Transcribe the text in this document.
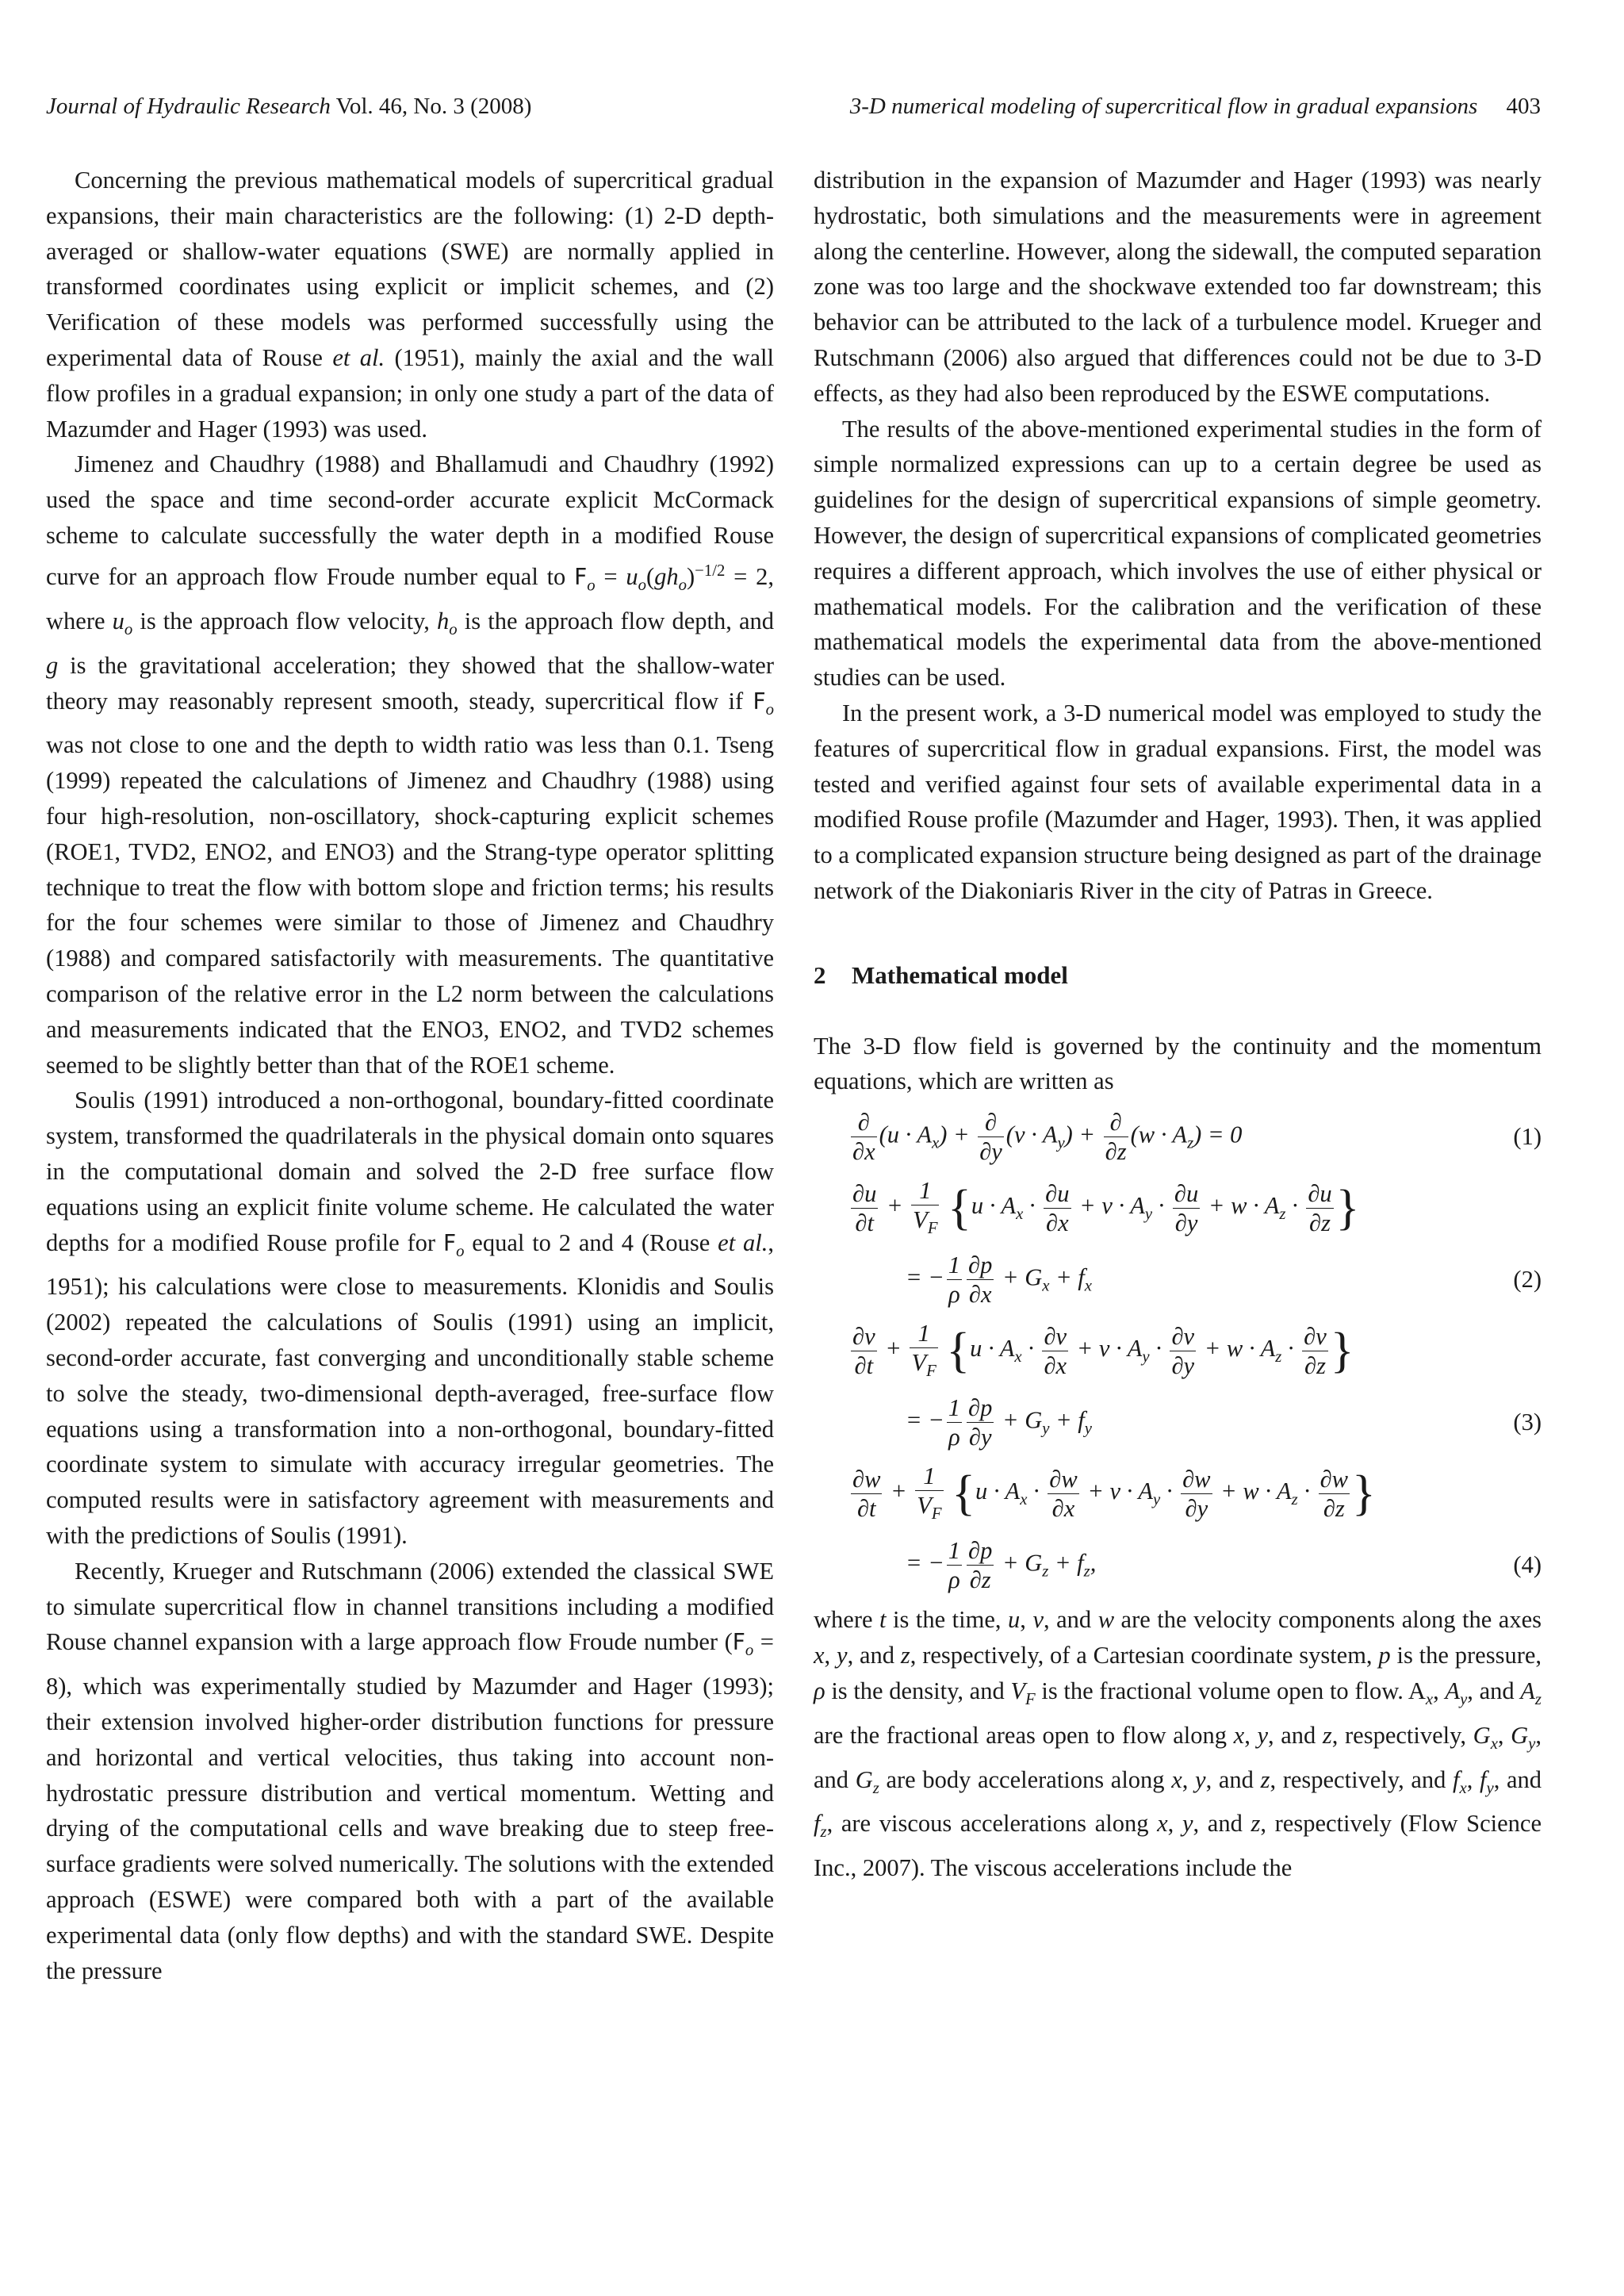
Journal of Hydraulic Research Vol. 46, No. 3 (2008)	3-D numerical modeling of supercritical flow in gradual expansions 403

Concerning the previous mathematical models of supercritical gradual expansions, their main characteristics are the following: (1) 2-D depth-averaged or shallow-water equations (SWE) are normally applied in transformed coordinates using explicit or implicit schemes, and (2) Verification of these models was performed successfully using the experimental data of Rouse et al. (1951), mainly the axial and the wall flow profiles in a gradual expansion; in only one study a part of the data of Mazumder and Hager (1993) was used.

Jimenez and Chaudhry (1988) and Bhallamudi and Chaudhry (1992) used the space and time second-order accurate explicit McCormack scheme to calculate successfully the water depth in a modified Rouse curve for an approach flow Froude number equal to $F_o = u_o(gh_o)^{-1/2} = 2$, where $u_o$ is the approach flow velocity, $h_o$ is the approach flow depth, and g is the gravitational acceleration; they showed that the shallow-water theory may reasonably represent smooth, steady, supercritical flow if $F_o$ was not close to one and the depth to width ratio was less than 0.1. Tseng (1999) repeated the calculations of Jimenez and Chaudhry (1988) using four high-resolution, non-oscillatory, shock-capturing explicit schemes (ROE1, TVD2, ENO2, and ENO3) and the Strang-type operator splitting technique to treat the flow with bottom slope and friction terms; his results for the four schemes were similar to those of Jimenez and Chaudhry (1988) and compared satisfactorily with measurements. The quantitative comparison of the relative error in the L2 norm between the calculations and measurements indicated that the ENO3, ENO2, and TVD2 schemes seemed to be slightly better than that of the ROE1 scheme.

Soulis (1991) introduced a non-orthogonal, boundary-fitted coordinate system, transformed the quadrilaterals in the physical domain onto squares in the computational domain and solved the 2-D free surface flow equations using an explicit finite volume scheme. He calculated the water depths for a modified Rouse profile for $F_o$ equal to 2 and 4 (Rouse et al., 1951); his calculations were close to measurements. Klonidis and Soulis (2002) repeated the calculations of Soulis (1991) using an implicit, second-order accurate, fast converging and unconditionally stable scheme to solve the steady, two-dimensional depth-averaged, free-surface flow equations using a transformation into a non-orthogonal, boundary-fitted coordinate system to simulate with accuracy irregular geometries. The computed results were in satisfactory agreement with measurements and with the predictions of Soulis (1991).

Recently, Krueger and Rutschmann (2006) extended the classical SWE to simulate supercritical flow in channel transitions including a modified Rouse channel expansion with a large approach flow Froude number $(F_o = 8)$, which was experimentally studied by Mazumder and Hager (1993); their extension involved higher-order distribution functions for pressure and horizontal and vertical velocities, thus taking into account non-hydrostatic pressure distribution and vertical momentum. Wetting and drying of the computational cells and wave breaking due to steep free-surface gradients were solved numerically. The solutions with the extended approach (ESWE) were compared both with a part of the available experimental data (only flow depths) and with the standard SWE. Despite the pressure

distribution in the expansion of Mazumder and Hager (1993) was nearly hydrostatic, both simulations and the measurements were in agreement along the centerline. However, along the sidewall, the computed separation zone was too large and the shockwave extended too far downstream; this behavior can be attributed to the lack of a turbulence model. Krueger and Rutschmann (2006) also argued that differences could not be due to 3-D effects, as they had also been reproduced by the ESWE computations.

The results of the above-mentioned experimental studies in the form of simple normalized expressions can up to a certain degree be used as guidelines for the design of supercritical expansions of simple geometry. However, the design of supercritical expansions of complicated geometries requires a different approach, which involves the use of either physical or mathematical models. For the calibration and the verification of these mathematical models the experimental data from the above-mentioned studies can be used.

In the present work, a 3-D numerical model was employed to study the features of supercritical flow in gradual expansions. First, the model was tested and verified against four sets of available experimental data in a modified Rouse profile (Mazumder and Hager, 1993). Then, it was applied to a complicated expansion structure being designed as part of the drainage network of the Diakoniaris River in the city of Patras in Greece.

2 Mathematical model

The 3-D flow field is governed by the continuity and the momentum equations, which are written as

$\frac{\partial}{\partial x} (u \cdot A_x) + \frac{\partial}{\partial y} (v \cdot A_y) + \frac{\partial}{\partial z} (w \cdot A_z) = 0$	(1)
$\frac{\partial u}{\partial t} + \frac{1}{V_F} \{u \cdot A_x \cdot \frac{\partial u}{\partial x} + v \cdot A_y \cdot \frac{\partial u}{\partial y} + w \cdot A_z \cdot \frac{\partial u}{\partial z}$ }
= − $\frac{1}{\rho} \frac{\partial p}{\partial x} + G_x + f_x$	(2)
$\frac{\partial v}{\partial t} + \frac{1}{V_F} \{u \cdot A_x \cdot \frac{\partial v}{\partial x} + v \cdot A_y \cdot \frac{\partial v}{\partial y} + w \cdot A_z \cdot \frac{\partial v}{\partial z}$ }
= − $\frac{1}{\rho} \frac{\partial p}{\partial y} + G_y + f_y$	(3)
$\frac{\partial w}{\partial t} + \frac{1}{V_F} \{u \cdot A_x \cdot \frac{\partial w}{\partial x} + v \cdot A_y \cdot \frac{\partial w}{\partial y} + w \cdot A_z \cdot \frac{\partial w}{\partial z}$ }
= − $\frac{1}{\rho} \frac{\partial p}{\partial z} + G_z + f_z$,	(4)

where t is the time, u, v, and w are the velocity components along the axes x, y, and z, respectively, of a Cartesian coordinate system, p is the pressure, ρ is the density, and $V_F$ is the fractional volume open to flow. $A_x$, $A_y$, and $A_z$ are the fractional areas open to flow along x, y, and z, respectively, $G_x$, $G_y$, and $G_z$ are body accelerations along x, y, and z, respectively, and $f_x$, $f_y$, and $f_z$, are viscous accelerations along x, y, and z, respectively (Flow Science Inc., 2007). The viscous accelerations include the
